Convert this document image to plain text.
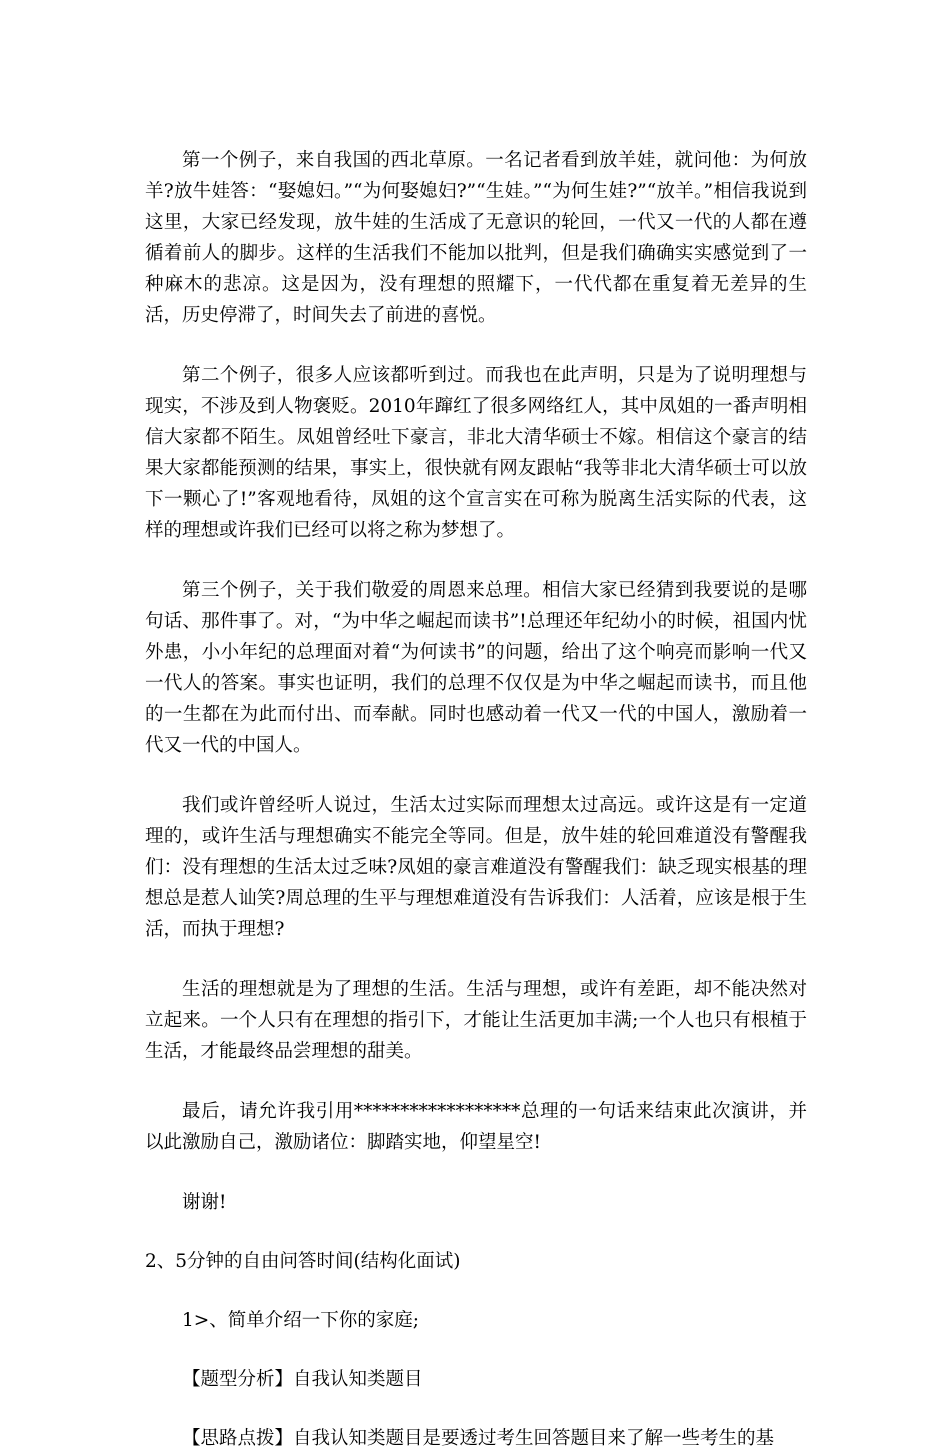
第一个例子，来自我国的西北草原。一名记者看到放羊娃，就问他：为何放羊?放牛娃答：“娶媳妇。”“为何娶媳妇?”“生娃。”“为何生娃?”“放羊。”相信我说到这里，大家已经发现，放牛娃的生活成了无意识的轮回，一代又一代的人都在遵循着前人的脚步。这样的生活我们不能加以批判，但是我们确确实实感觉到了一种麻木的悲凉。这是因为，没有理想的照耀下，一代代都在重复着无差异的生活，历史停滞了，时间失去了前进的喜悦。

第二个例子，很多人应该都听到过。而我也在此声明，只是为了说明理想与现实，不涉及到人物褒贬。2010年蹿红了很多网络红人，其中凤姐的一番声明相信大家都不陌生。凤姐曾经吐下豪言，非北大清华硕士不嫁。相信这个豪言的结果大家都能预测的结果，事实上，很快就有网友跟帖“我等非北大清华硕士可以放下一颗心了!”客观地看待，凤姐的这个宣言实在可称为脱离生活实际的代表，这样的理想或许我们已经可以将之称为梦想了。

第三个例子，关于我们敬爱的周恩来总理。相信大家已经猜到我要说的是哪句话、那件事了。对，“为中华之崛起而读书”!总理还年纪幼小的时候，祖国内忧外患，小小年纪的总理面对着“为何读书”的问题，给出了这个响亮而影响一代又一代人的答案。事实也证明，我们的总理不仅仅是为中华之崛起而读书，而且他的一生都在为此而付出、而奉献。同时也感动着一代又一代的中国人，激励着一代又一代的中国人。

我们或许曾经听人说过，生活太过实际而理想太过高远。或许这是有一定道理的，或许生活与理想确实不能完全等同。但是，放牛娃的轮回难道没有警醒我们：没有理想的生活太过乏味?凤姐的豪言难道没有警醒我们：缺乏现实根基的理想总是惹人讪笑?周总理的生平与理想难道没有告诉我们：人活着，应该是根于生活，而执于理想?

生活的理想就是为了理想的生活。生活与理想，或许有差距，却不能决然对立起来。一个人只有在理想的指引下，才能让生活更加丰满;一个人也只有根植于生活，才能最终品尝理想的甜美。

最后，请允许我引用******************总理的一句话来结束此次演讲，并以此激励自己，激励诸位：脚踏实地，仰望星空!

谢谢!

2、5分钟的自由问答时间(结构化面试)

1>、简单介绍一下你的家庭;

【题型分析】自我认知类题目

【思路点拨】自我认知类题目是要透过考生回答题目来了解一些考生的基
